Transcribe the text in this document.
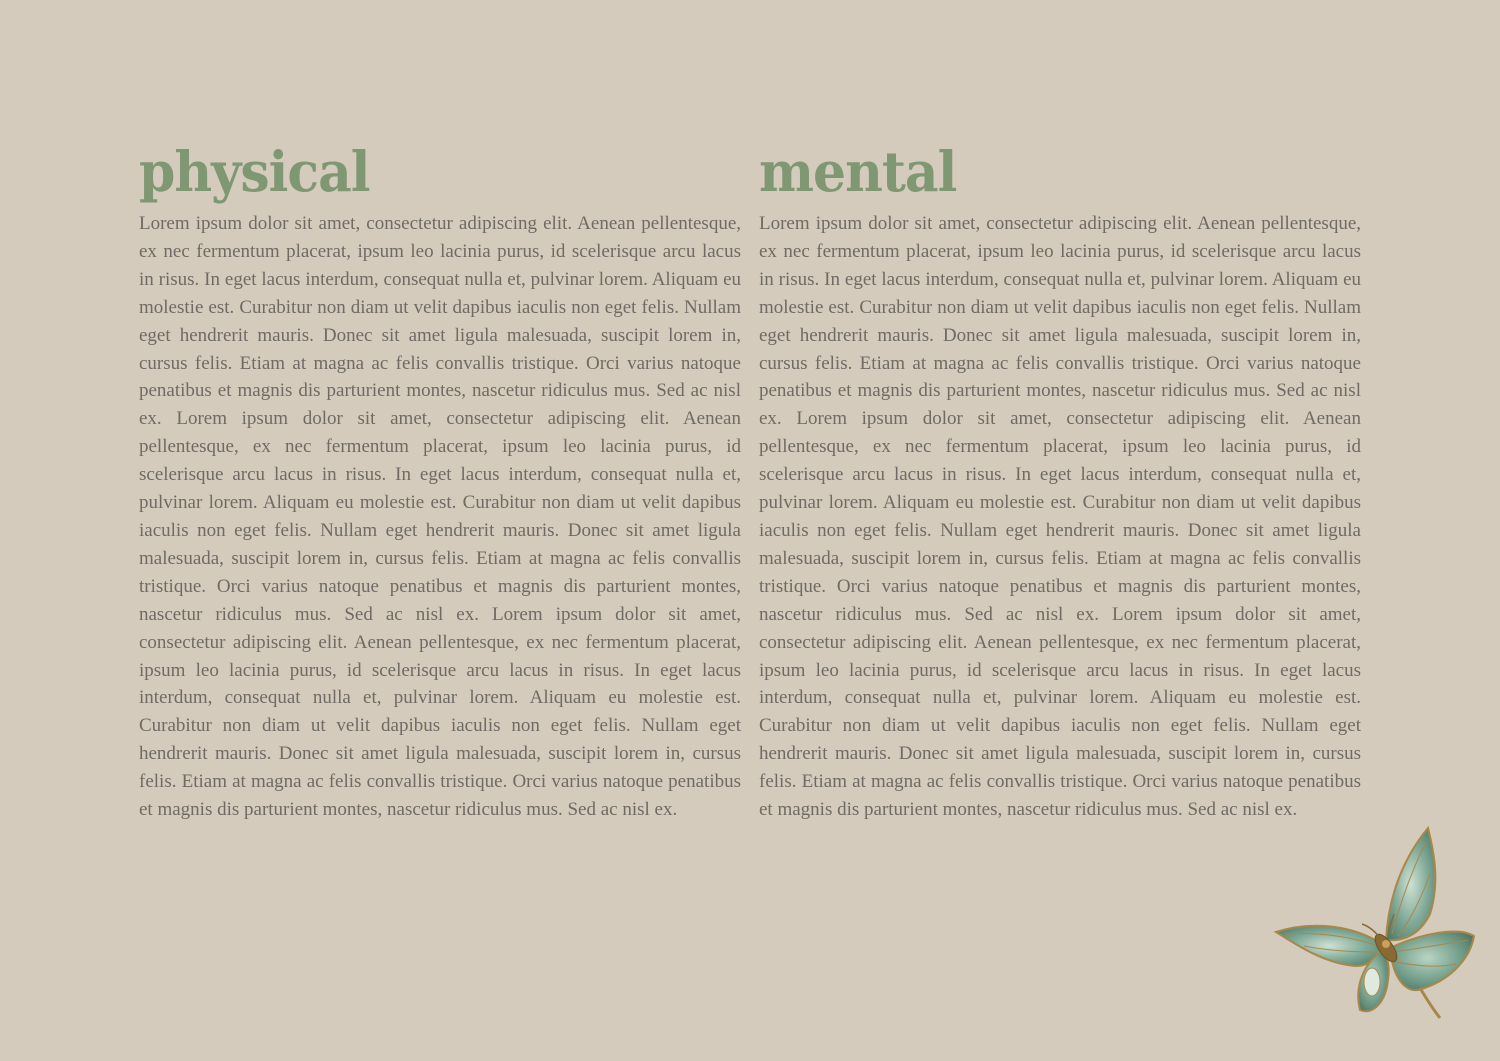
physical

Lorem ipsum dolor sit amet, consectetur adipiscing elit. Aenean pellentesque, ex nec fermentum placerat, ipsum leo lacinia purus, id scelerisque arcu lacus in risus. In eget lacus interdum, consequat nulla et, pulvinar lorem. Aliquam eu molestie est. Curabitur non diam ut velit dapibus iaculis non eget felis. Nullam eget hendrerit mauris. Donec sit amet ligula malesuada, suscipit lorem in, cursus felis. Etiam at magna ac felis convallis tristique. Orci varius natoque penatibus et magnis dis parturient montes, nascetur ridiculus mus. Sed ac nisl ex. Lorem ipsum dolor sit amet, consectetur adipiscing elit. Aenean pellentesque, ex nec fermentum placerat, ipsum leo lacinia purus, id scelerisque arcu lacus in risus. In eget lacus interdum, consequat nulla et, pulvinar lorem. Aliquam eu molestie est. Curabitur non diam ut velit dapibus iaculis non eget felis. Nullam eget hendrerit mauris. Donec sit amet ligula malesuada, suscipit lorem in, cursus felis. Etiam at magna ac felis convallis tristique. Orci varius natoque penatibus et magnis dis parturient montes, nascetur ridiculus mus. Sed ac nisl ex. Lorem ipsum dolor sit amet, consectetur adipiscing elit. Aenean pellentesque, ex nec fermentum placerat, ipsum leo lacinia purus, id scelerisque arcu lacus in risus. In eget lacus interdum, consequat nulla et, pulvinar lorem. Aliquam eu molestie est. Curabitur non diam ut velit dapibus iaculis non eget felis. Nullam eget hendrerit mauris. Donec sit amet ligula malesuada, suscipit lorem in, cursus felis. Etiam at magna ac felis convallis tristique. Orci varius natoque penatibus et magnis dis parturient montes, nascetur ridiculus mus. Sed ac nisl ex.

mental

Lorem ipsum dolor sit amet, consectetur adipiscing elit. Aenean pellentesque, ex nec fermentum placerat, ipsum leo lacinia purus, id scelerisque arcu lacus in risus. In eget lacus interdum, consequat nulla et, pulvinar lorem. Aliquam eu molestie est. Curabitur non diam ut velit dapibus iaculis non eget felis. Nullam eget hendrerit mauris. Donec sit amet ligula malesuada, suscipit lorem in, cursus felis. Etiam at magna ac felis convallis tristique. Orci varius natoque penatibus et magnis dis parturient montes, nascetur ridiculus mus. Sed ac nisl ex. Lorem ipsum dolor sit amet, consectetur adipiscing elit. Aenean pellentesque, ex nec fermentum placerat, ipsum leo lacinia purus, id scelerisque arcu lacus in risus. In eget lacus interdum, consequat nulla et, pulvinar lorem. Aliquam eu molestie est. Curabitur non diam ut velit dapibus iaculis non eget felis. Nullam eget hendrerit mauris. Donec sit amet ligula malesuada, suscipit lorem in, cursus felis. Etiam at magna ac felis convallis tristique. Orci varius natoque penatibus et magnis dis parturient montes, nascetur ridiculus mus. Sed ac nisl ex. Lorem ipsum dolor sit amet, consectetur adipiscing elit. Aenean pellentesque, ex nec fermentum placerat, ipsum leo lacinia purus, id scelerisque arcu lacus in risus. In eget lacus interdum, consequat nulla et, pulvinar lorem. Aliquam eu molestie est. Curabitur non diam ut velit dapibus iaculis non eget felis. Nullam eget hendrerit mauris. Donec sit amet ligula malesuada, suscipit lorem in, cursus felis. Etiam at magna ac felis convallis tristique. Orci varius natoque penatibus et magnis dis parturient montes, nascetur ridiculus mus. Sed ac nisl ex.
